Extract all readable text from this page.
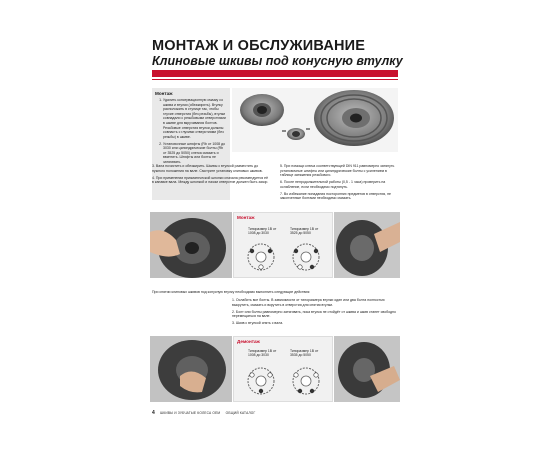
МОНТАЖ И ОБСЛУЖИВАНИЕ
Клиновые шкивы под конусную втулку
Монтаж
1. Удалить консервационную смазку со шкива и втулки (обезжирить). Втулку расположить в ступице так, чтобы глухие отверстия (без резьбы), втулки совпадали с резьбовыми отверстиями в шкиве для вкручивания болтов. Резьбовые отверстия втулки должны совпасть с глухими отверстиями (без резьбы) в шкиве.
2. Установочные штифты (Rb от 1008 до 3030 или цилиндрические болты (Rb от 3525 до 5050) слегка смазать и ввинтить. Штифты или болты не затягивать.

3. Вала почистить и обезжирить. Шкивы с втулкой разместить до нужного положения на вале. Смотрите установку клиновых шкивов.

4. При применении призматической шпонки сначала рекомендуется её в канавке вала. Между шпонкой и пазом отверстие должен быть зазор.

5. При помощи ключа соответствующей DIN 911 равномерно затянуть установочные штифты или цилиндрические болты с усилением в таблице затяжения резьбового.

6. После непродолжительной работы (0,5 - 1 часа) проверить на ослабление, если необходимо подтянуть.

7. Во избежание попадания посторонних предметов в отверстия, не законченные болтами необходимо смазать.

Монтаж
Типоразмер 1B от 1008 до 3030
Типоразмер 1B от 3525 до 5050
При снятии клиновых шкивов под конусную втулку необходимо выполнить следующие действия:

1. Ослабить все болты. В зависимости от типоразмера втулки один или два болта полностью выкрутить, смазать и вкрутить в отверстия для снятия втулки.

2. Болт или болты равномерно затягивать, пока втулка не отойдёт от шкива и шкив станет свободно перемещаться на вале.

3. Шкив с втулкой снять с вала.

Демонтаж
Типоразмер 1B от 1008 до 3030
Типоразмер 1B от 3535 до 5050
4 ШКИВЫ И ЗУБЧАТЫЕ КОЛЕСА ОЕМ ОБЩИЙ КАТАЛОГ
